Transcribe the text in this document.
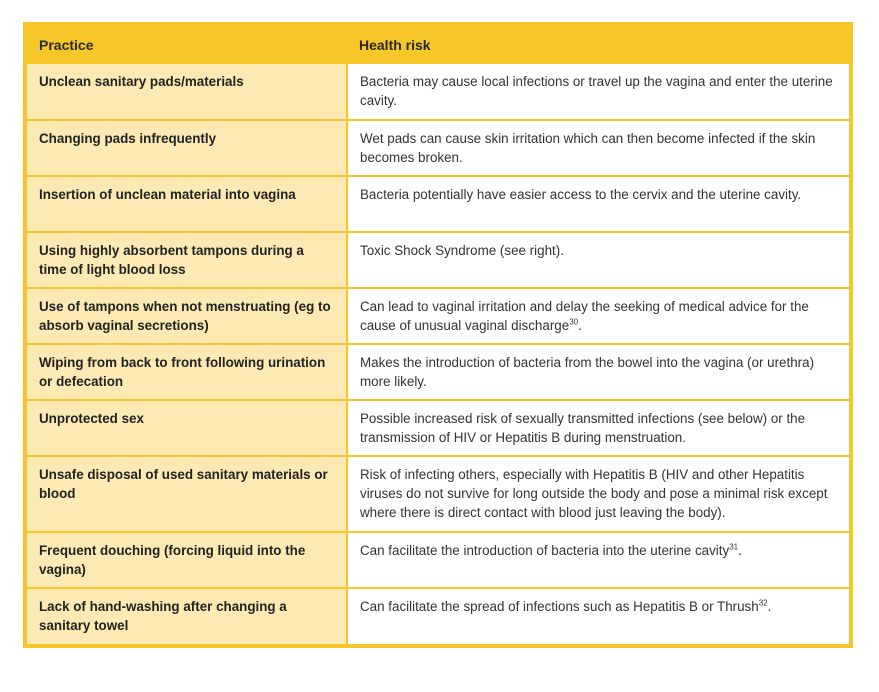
Practice	Health risk
Unclean sanitary pads/materials	Bacteria may cause local infections or travel up the vagina and enter the uterine cavity.
Changing pads infrequently	Wet pads can cause skin irritation which can then become infected if the skin becomes broken.
Insertion of unclean material into vagina	Bacteria potentially have easier access to the cervix and the uterine cavity.
Using highly absorbent tampons during a time of light blood loss	Toxic Shock Syndrome (see right).
Use of tampons when not menstruating (eg to absorb vaginal secretions)	Can lead to vaginal irritation and delay the seeking of medical advice for the cause of unusual vaginal discharge$^{30}$.
Wiping from back to front following urination or defecation	Makes the introduction of bacteria from the bowel into the vagina (or urethra) more likely.
Unprotected sex	Possible increased risk of sexually transmitted infections (see below) or the transmission of HIV or Hepatitis B during menstruation.
Unsafe disposal of used sanitary materials or blood	Risk of infecting others, especially with Hepatitis B (HIV and other Hepatitis viruses do not survive for long outside the body and pose a minimal risk except where there is direct contact with blood just leaving the body).
Frequent douching (forcing liquid into the vagina)	Can facilitate the introduction of bacteria into the uterine cavity$^{31}$.
Lack of hand-washing after changing a sanitary towel	Can facilitate the spread of infections such as Hepatitis B or Thrush$^{32}$.
